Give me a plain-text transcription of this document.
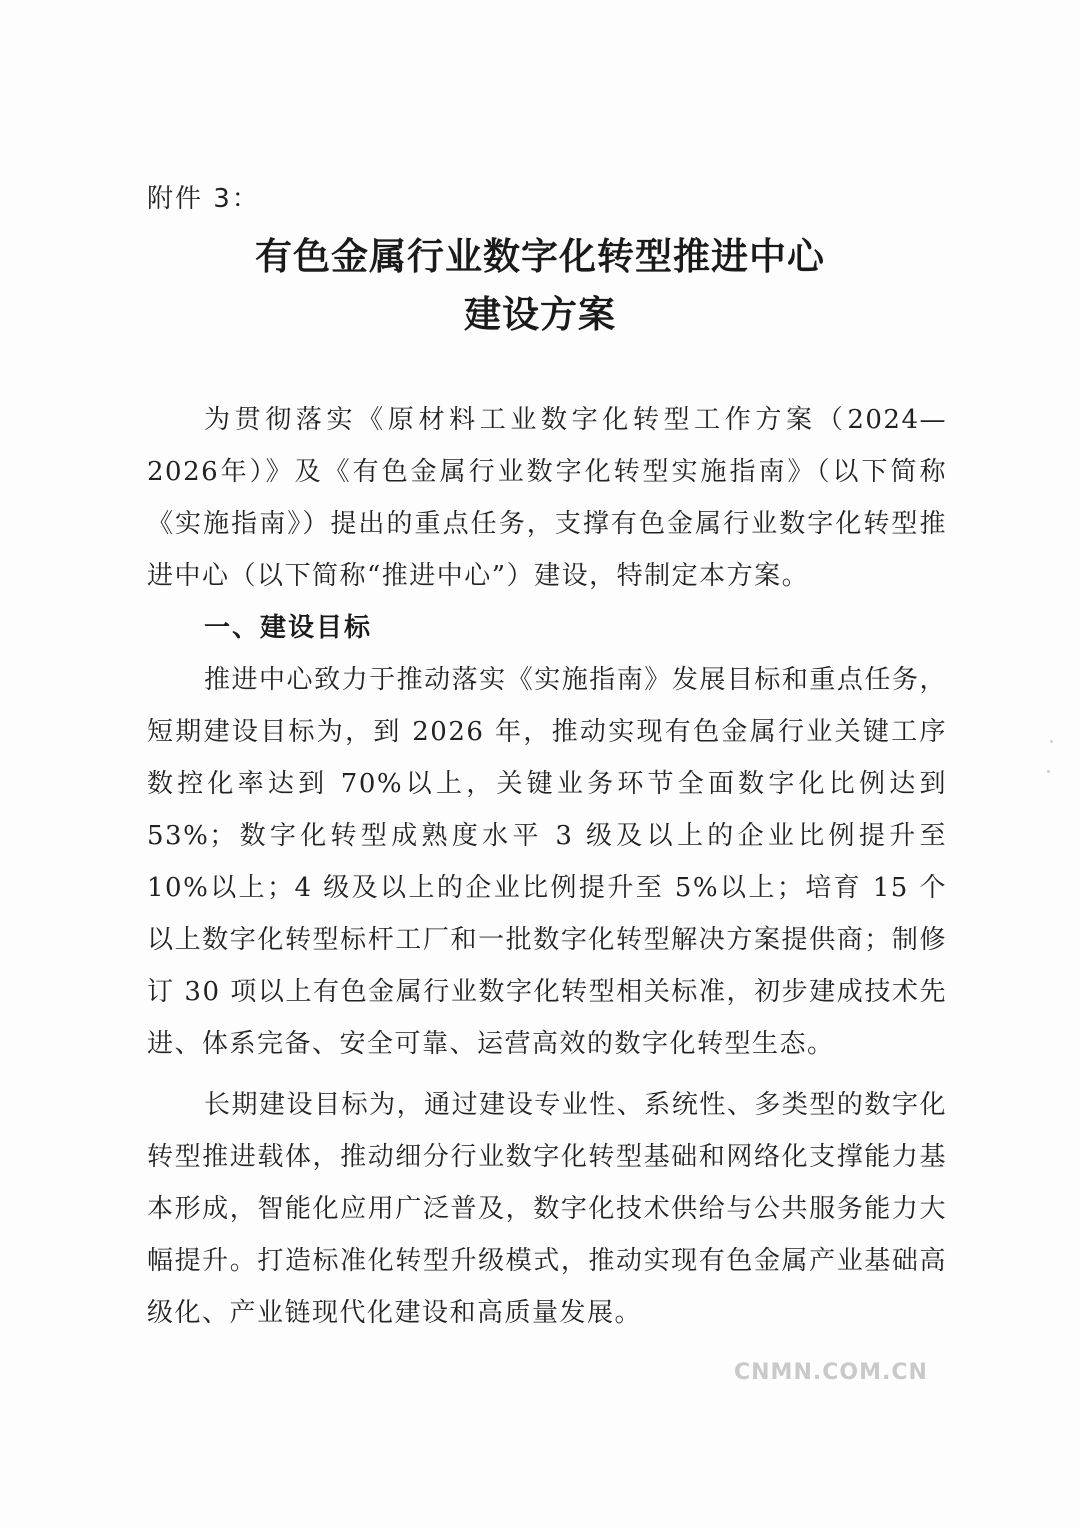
附件 3：
有色金属行业数字化转型推进中心
建设方案
为贯彻落实《原材料工业数字化转型工作方案（2024—2026年）》及《有色金属行业数字化转型实施指南》（以下简称《实施指南》）提出的重点任务，支撑有色金属行业数字化转型推进中心（以下简称“推进中心”）建设，特制定本方案。
一、建设目标
推进中心致力于推动落实《实施指南》发展目标和重点任务，短期建设目标为，到 2026 年，推动实现有色金属行业关键工序数控化率达到 70%以上，关键业务环节全面数字化比例达到 53%；数字化转型成熟度水平 3 级及以上的企业比例提升至 10%以上；4 级及以上的企业比例提升至 5%以上；培育 15 个以上数字化转型标杆工厂和一批数字化转型解决方案提供商；制修订 30 项以上有色金属行业数字化转型相关标准，初步建成技术先进、体系完备、安全可靠、运营高效的数字化转型生态。
长期建设目标为，通过建设专业性、系统性、多类型的数字化转型推进载体，推动细分行业数字化转型基础和网络化支撑能力基本形成，智能化应用广泛普及，数字化技术供给与公共服务能力大幅提升。打造标准化转型升级模式，推动实现有色金属产业基础高级化、产业链现代化建设和高质量发展。
CNMN.COM.CN
